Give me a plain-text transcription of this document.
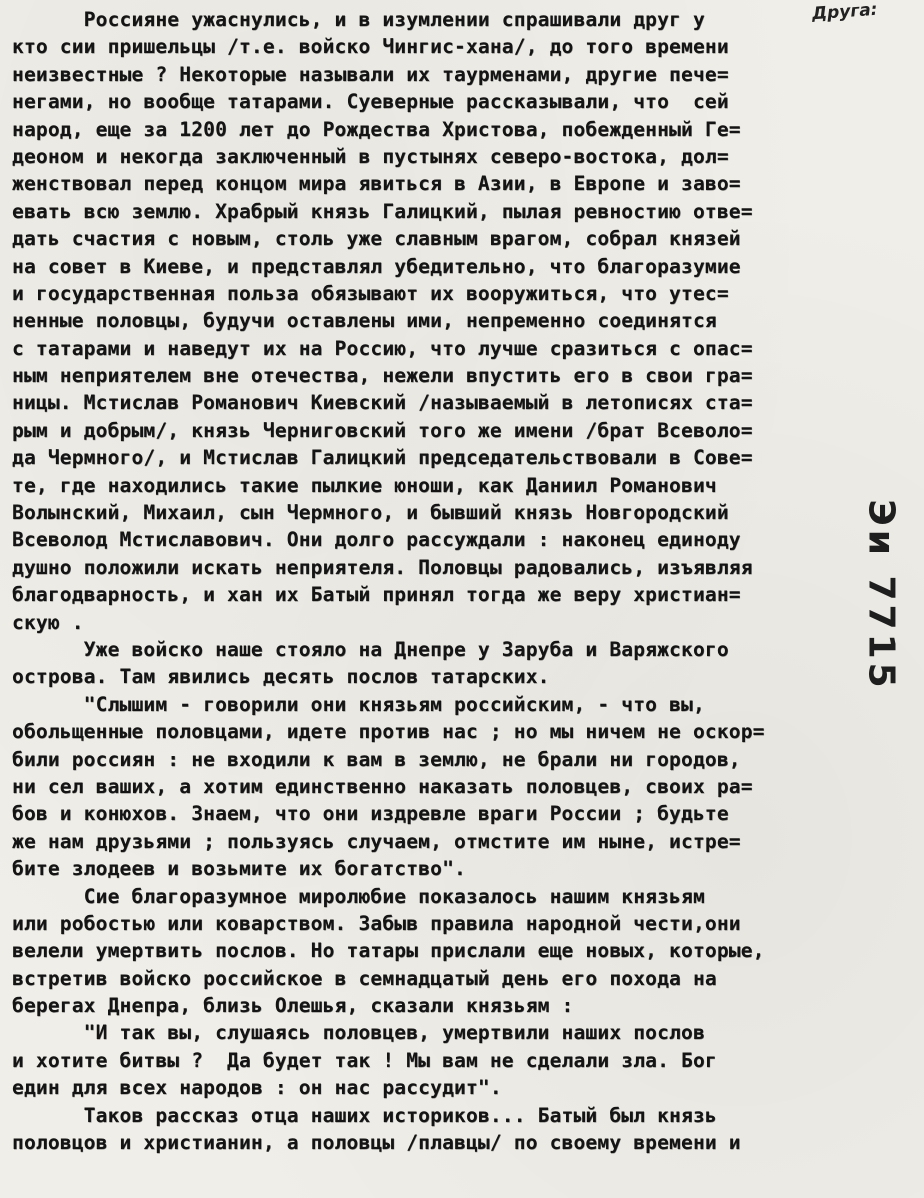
Друга:
Россияне ужаснулись, и в изумлении спрашивали друг у
кто сии пришельцы /т.е. войско Чингис-хана/, до того времени
неизвестные ? Некоторые называли их таурменами, другие пече=
негами, но вообще татарами. Суеверные рассказывали, что  сей
народ, еще за 1200 лет до Рождества Христова, побежденный Ге=
деоном и некогда заключенный в пустынях северо-востока, дол=
женствовал перед концом мира явиться в Азии, в Европе и заво=
евать всю землю. Храбрый князь Галицкий, пылая ревностию отве=
дать счастия с новым, столь уже славным врагом, собрал князей
на совет в Киеве, и представлял убедительно, что благоразумие
и государственная польза обязывают их вооружиться, что утес=
ненные половцы, будучи оставлены ими, непременно соединятся
с татарами и наведут их на Россию, что лучше сразиться с опас=
ным неприятелем вне отечества, нежели впустить его в свои гра=
ницы. Мстислав Романович Киевский /называемый в летописях ста=
рым и добрым/, князь Черниговский того же имени /брат Всеволо=
да Чермного/, и Мстислав Галицкий председательствовали в Сове=
те, где находились такие пылкие юноши, как Даниил Романович
Волынский, Михаил, сын Чермного, и бывший князь Новгородский
Всеволод Мстиславович. Они долго рассуждали : наконец единоду
душно положили искать неприятеля. Половцы радовались, изъявляя
благодварность, и хан их Батый принял тогда же веру христиан=
скую .
Уже войско наше стояло на Днепре у Заруба и Варяжского
острова. Там явились десять послов татарских.
"Слышим - говорили они князьям российским, - что вы,
обольщенные половцами, идете против нас ; но мы ничем не оскор=
били россиян : не входили к вам в землю, не брали ни городов,
ни сел ваших, а хотим единственно наказать половцев, своих ра=
бов и конюхов. Знаем, что они издревле враги России ; будьте
же нам друзьями ; пользуясь случаем, отмстите им ныне, истре=
бите злодеев и возьмите их богатство".
Сие благоразумное миролюбие показалось нашим князьям
или робостью или коварством. Забыв правила народной чести,они
велели умертвить послов. Но татары прислали еще новых, которые,
встретив войско российское в семнадцатый день его похода на
берегах Днепра, близь Олешья, сказали князьям :
"И так вы, слушаясь половцев, умертвили наших послов
и хотите битвы ?  Да будет так ! Мы вам не сделали зла. Бог
един для всех народов : он нас рассудит".
Таков рассказ отца наших историков... Батый был князь
половцов и христианин, а половцы /плавцы/ по своему времени и
Эи 7715
